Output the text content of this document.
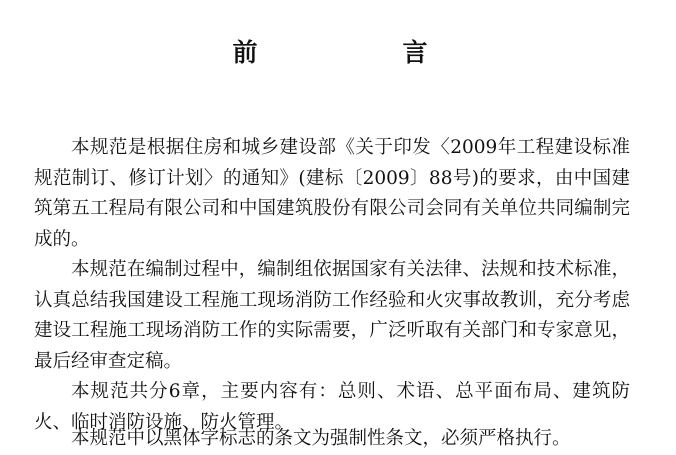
前　言

本规范是根据住房和城乡建设部《关于印发〈2009年工程建设标准规范制订、修订计划〉的通知》(建标〔2009〕88号)的要求，由中国建筑第五工程局有限公司和中国建筑股份有限公司会同有关单位共同编制完成的。

本规范在编制过程中，编制组依据国家有关法律、法规和技术标准，认真总结我国建设工程施工现场消防工作经验和火灾事故教训，充分考虑建设工程施工现场消防工作的实际需要，广泛听取有关部门和专家意见，最后经审查定稿。

本规范共分6章，主要内容有：总则、术语、总平面布局、建筑防火、临时消防设施、防火管理。

本规范中以黑体字标志的条文为强制性条文，必须严格执行。
